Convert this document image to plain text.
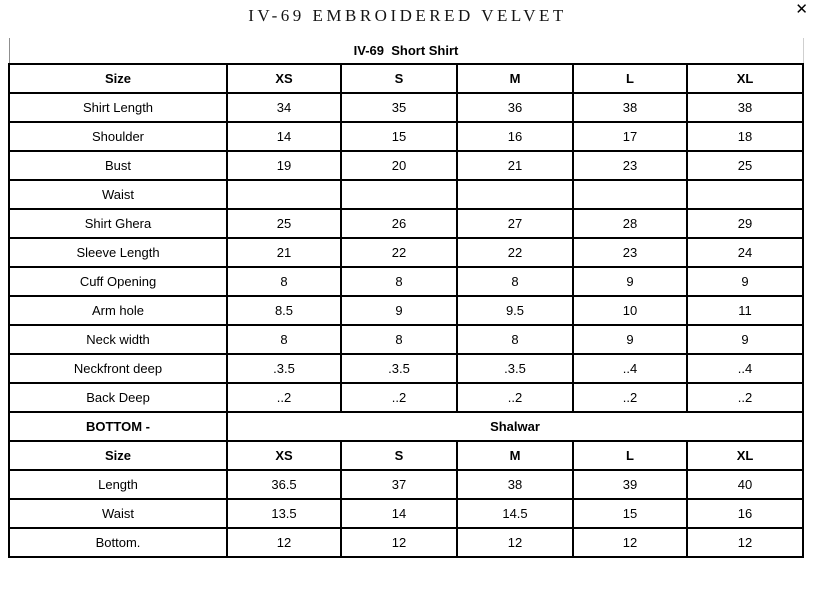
IV-69 EMBROIDERED VELVET	✕
IV-69  Short Shirt					
Size	XS	S	M	L	XL
Shirt Length	34	35	36	38	38
Shoulder	14	15	16	17	18
Bust	19	20	21	23	25
Waist					
Shirt Ghera	25	26	27	28	29
Sleeve Length	21	22	22	23	24
Cuff Opening	8	8	8	9	9
Arm hole	8.5	9	9.5	10	11
Neck width	8	8	8	9	9
Neckfront deep	.3.5	.3.5	.3.5	..4	..4
Back Deep	..2	..2	..2	..2	..2
BOTTOM -	Shalwar				
Size	XS	S	M	L	XL
Length	36.5	37	38	39	40
Waist	13.5	14	14.5	15	16
Bottom.	12	12	12	12	12
